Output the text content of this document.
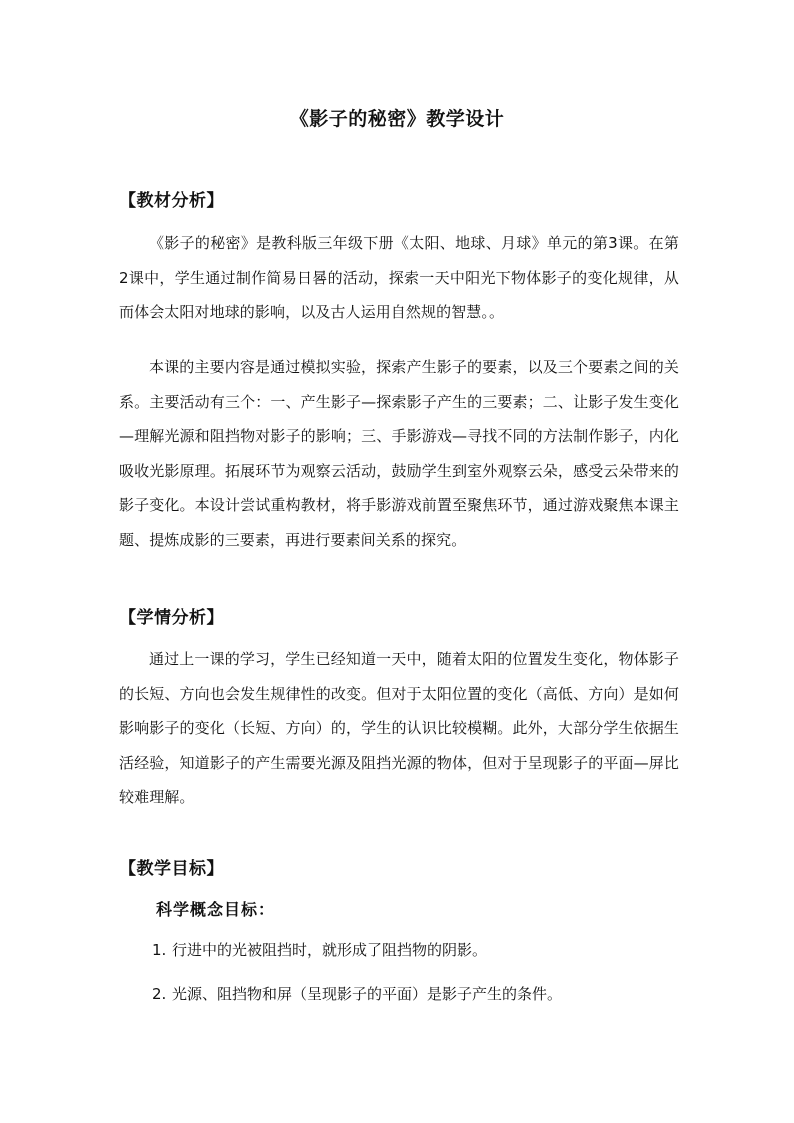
《影子的秘密》教学设计
【教材分析】
《影子的秘密》是教科版三年级下册《太阳、地球、月球》单元的第3课。在第2课中，学生通过制作简易日晷的活动，探索一天中阳光下物体影子的变化规律，从而体会太阳对地球的影响，以及古人运用自然规的智慧。。
本课的主要内容是通过模拟实验，探索产生影子的要素，以及三个要素之间的关系。主要活动有三个：一、产生影子—探索影子产生的三要素；二、让影子发生变化—理解光源和阻挡物对影子的影响；三、手影游戏—寻找不同的方法制作影子，内化吸收光影原理。拓展环节为观察云活动，鼓励学生到室外观察云朵，感受云朵带来的影子变化。本设计尝试重构教材，将手影游戏前置至聚焦环节，通过游戏聚焦本课主题、提炼成影的三要素，再进行要素间关系的探究。
【学情分析】
通过上一课的学习，学生已经知道一天中，随着太阳的位置发生变化，物体影子的长短、方向也会发生规律性的改变。但对于太阳位置的变化（高低、方向）是如何影响影子的变化（长短、方向）的，学生的认识比较模糊。此外，大部分学生依据生活经验，知道影子的产生需要光源及阻挡光源的物体，但对于呈现影子的平面—屏比较难理解。
【教学目标】
科学概念目标：
1. 行进中的光被阻挡时，就形成了阻挡物的阴影。
2. 光源、阻挡物和屏（呈现影子的平面）是影子产生的条件。
